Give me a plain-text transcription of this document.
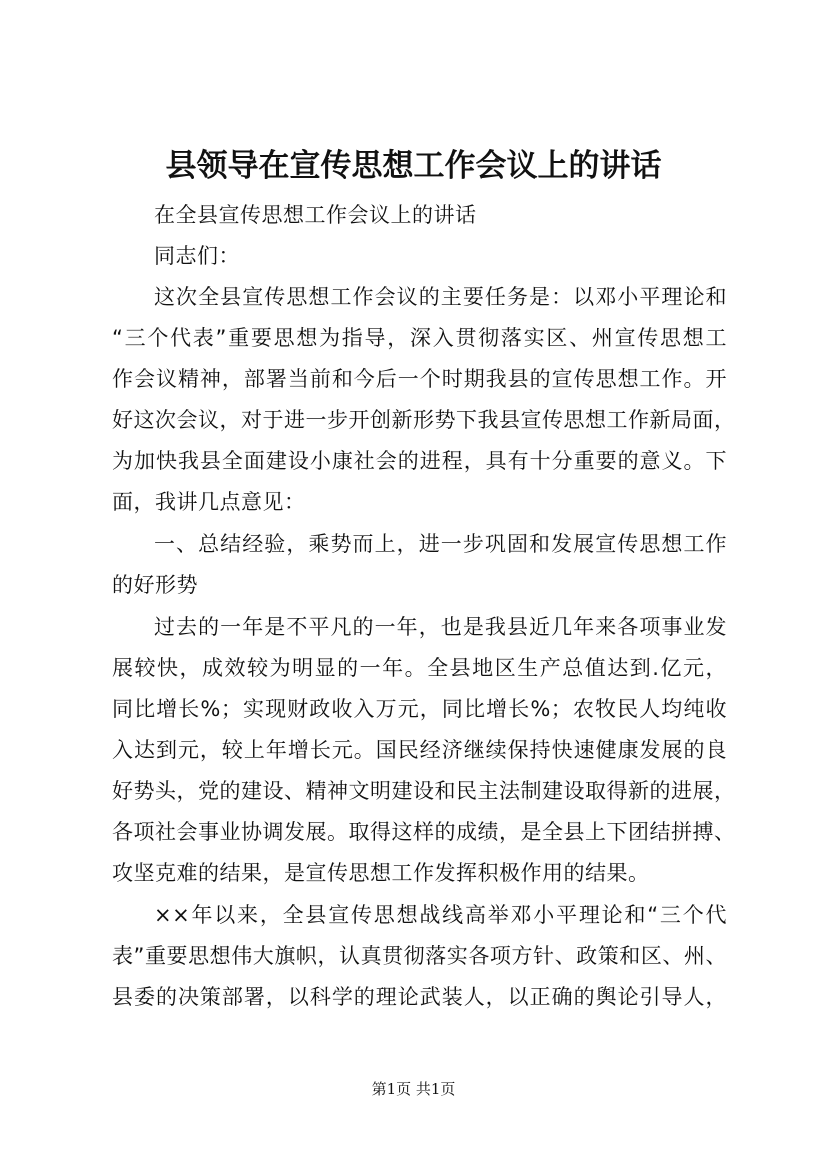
县领导在宣传思想工作会议上的讲话
在全县宣传思想工作会议上的讲话
同志们：
这次全县宣传思想工作会议的主要任务是：以邓小平理论和
“三个代表”重要思想为指导，深入贯彻落实区、州宣传思想工
作会议精神，部署当前和今后一个时期我县的宣传思想工作。开
好这次会议，对于进一步开创新形势下我县宣传思想工作新局面，
为加快我县全面建设小康社会的进程，具有十分重要的意义。下
面，我讲几点意见：
一、总结经验，乘势而上，进一步巩固和发展宣传思想工作
的好形势
过去的一年是不平凡的一年，也是我县近几年来各项事业发
展较快，成效较为明显的一年。全县地区生产总值达到.亿元，
同比增长%；实现财政收入万元，同比增长%；农牧民人均纯收
入达到元，较上年增长元。国民经济继续保持快速健康发展的良
好势头，党的建设、精神文明建设和民主法制建设取得新的进展，
各项社会事业协调发展。取得这样的成绩，是全县上下团结拼搏、
攻坚克难的结果，是宣传思想工作发挥积极作用的结果。
××年以来，全县宣传思想战线高举邓小平理论和“三个代
表”重要思想伟大旗帜，认真贯彻落实各项方针、政策和区、州、
县委的决策部署，以科学的理论武装人，以正确的舆论引导人，
第1页 共1页
